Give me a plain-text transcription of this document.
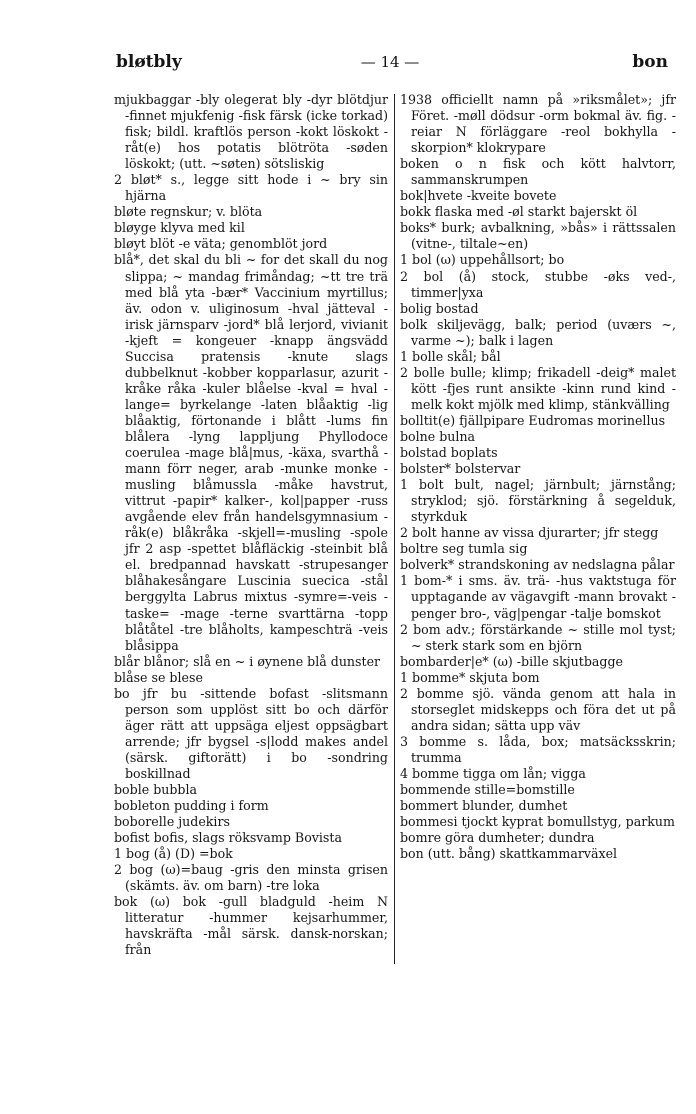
bløtbly	— 14 —	bon

mjukbaggar -bly olegerat bly -dyr blötdjur -finnet mjukfenig -fisk färsk (icke torkad) fisk; bildl. kraftlös person -kokt löskokt -råt(e) hos potatis blötröta -søden löskokt; (utt. ~søten) sötsliskig

2 bløt* s., legge sitt hode i ~ bry sin hjärna

bløte regnskur; v. blöta

bløyge klyva med kil

bløyt blöt -e väta; genomblöt jord

blå*, det skal du bli ~ for det skall du nog slippa; ~ mandag frimåndag; ~tt tre trä med blå yta -bær* Vaccinium myrtillus; äv. odon v. uliginosum -hval jätteval -irisk järnsparv -jord* blå lerjord, vivianit -kjeft = kongeuer -knapp ängsvädd Succisa pratensis -knute slags dubbelknut -kobber kopparlasur, azurit -kråke råka -kuler blåelse -kval = hval -lange= byrkelange -laten blåaktig -lig blåaktig, förtonande i blått -lums fin blålera -lyng lappljung Phyllodoce coerulea -mage blå|mus, -käxa, svarthå -mann förr neger, arab -munke monke -musling blåmussla -måke havstrut, vittrut -papir* kalker-, kol|papper -russ avgående elev från handelsgymnasium -råk(e) blåkråka -skjell=-musling -spole jfr 2 asp -spettet blåfläckig -steinbit blå el. bredpannad havskatt -strupesanger blåhakesångare Luscinia suecica -stål berggylta Labrus mixtus -symre=-veis -taske= -mage -terne svarttärna -topp blåtåtel -tre blåholts, kampeschträ -veis blåsippa

blår blånor; slå en ~ i øynene blå dunster

blåse se blese

bo jfr bu -sittende bofast -slitsmann person som upplöst sitt bo och därför äger rätt att uppsäga eljest oppsägbart arrende; jfr bygsel -s|lodd makes andel (särsk. giftorätt) i bo -sondring boskillnad

boble bubbla

bobleton pudding i form

boborelle judekirs

bofist bofis, slags röksvamp Bovista

1 bog (å) (D) =bok

2 bog (ω)=baug -gris den minsta grisen (skämts. äv. om barn) -tre loka

bok (ω) bok -gull bladguld -heim N litteratur -hummer kejsarhummer, havskräfta -mål särsk. dansk-norskan; från

1938 officiellt namn på »riksmålet»; jfr Föret. -møll dödsur -orm bokmal äv. fig. -reiar N förläggare -reol bokhylla -skorpion* klokrypare

boken o n fisk och kött halvtorr, sammanskrumpen

bok|hvete -kveite bovete

bokk flaska med -øl starkt bajerskt öl

boks* burk; avbalkning, »bås» i rättssalen (vitne-, tiltale~en)

1 bol (ω) uppehållsort; bo

2 bol (å) stock, stubbe -øks ved-, timmer|yxa

bolig bostad

bolk skiljevägg, balk; period (uværs ~, varme ~); balk i lagen

1 bolle skål; bål

2 bolle bulle; klimp; frikadell -deig* malet kött -fjes runt ansikte -kinn rund kind -melk kokt mjölk med klimp, stänkvälling

bolltit(e) fjällpipare Eudromas morinellus

bolne bulna

bolstad boplats

bolster* bolstervar

1 bolt bult, nagel; järnbult; järnstång; stryklod; sjö. förstärkning å segelduk, styrkduk

2 bolt hanne av vissa djurarter; jfr stegg

boltre seg tumla sig

bolverk* strandskoning av nedslagna pålar

1 bom-* i sms. äv. trä- -hus vaktstuga för upptagande av vägavgift -mann brovakt -penger bro-, väg|pengar -talje bomskot

2 bom adv.; förstärkande ~ stille mol tyst; ~ sterk stark som en björn

bombarder|e* (ω) -bille skjutbagge

1 bomme* skjuta bom

2 bomme sjö. vända genom att hala in storseglet midskepps och föra det ut på andra sidan; sätta upp väv

3 bomme s. låda, box; matsäcksskrin; trumma

4 bomme tigga om lån; vigga

bommende stille=bomstille

bommert blunder, dumhet

bommesi tjockt kyprat bomullstyg, parkum

bomre göra dumheter; dundra

bon (utt. bång) skattkammarväxel
